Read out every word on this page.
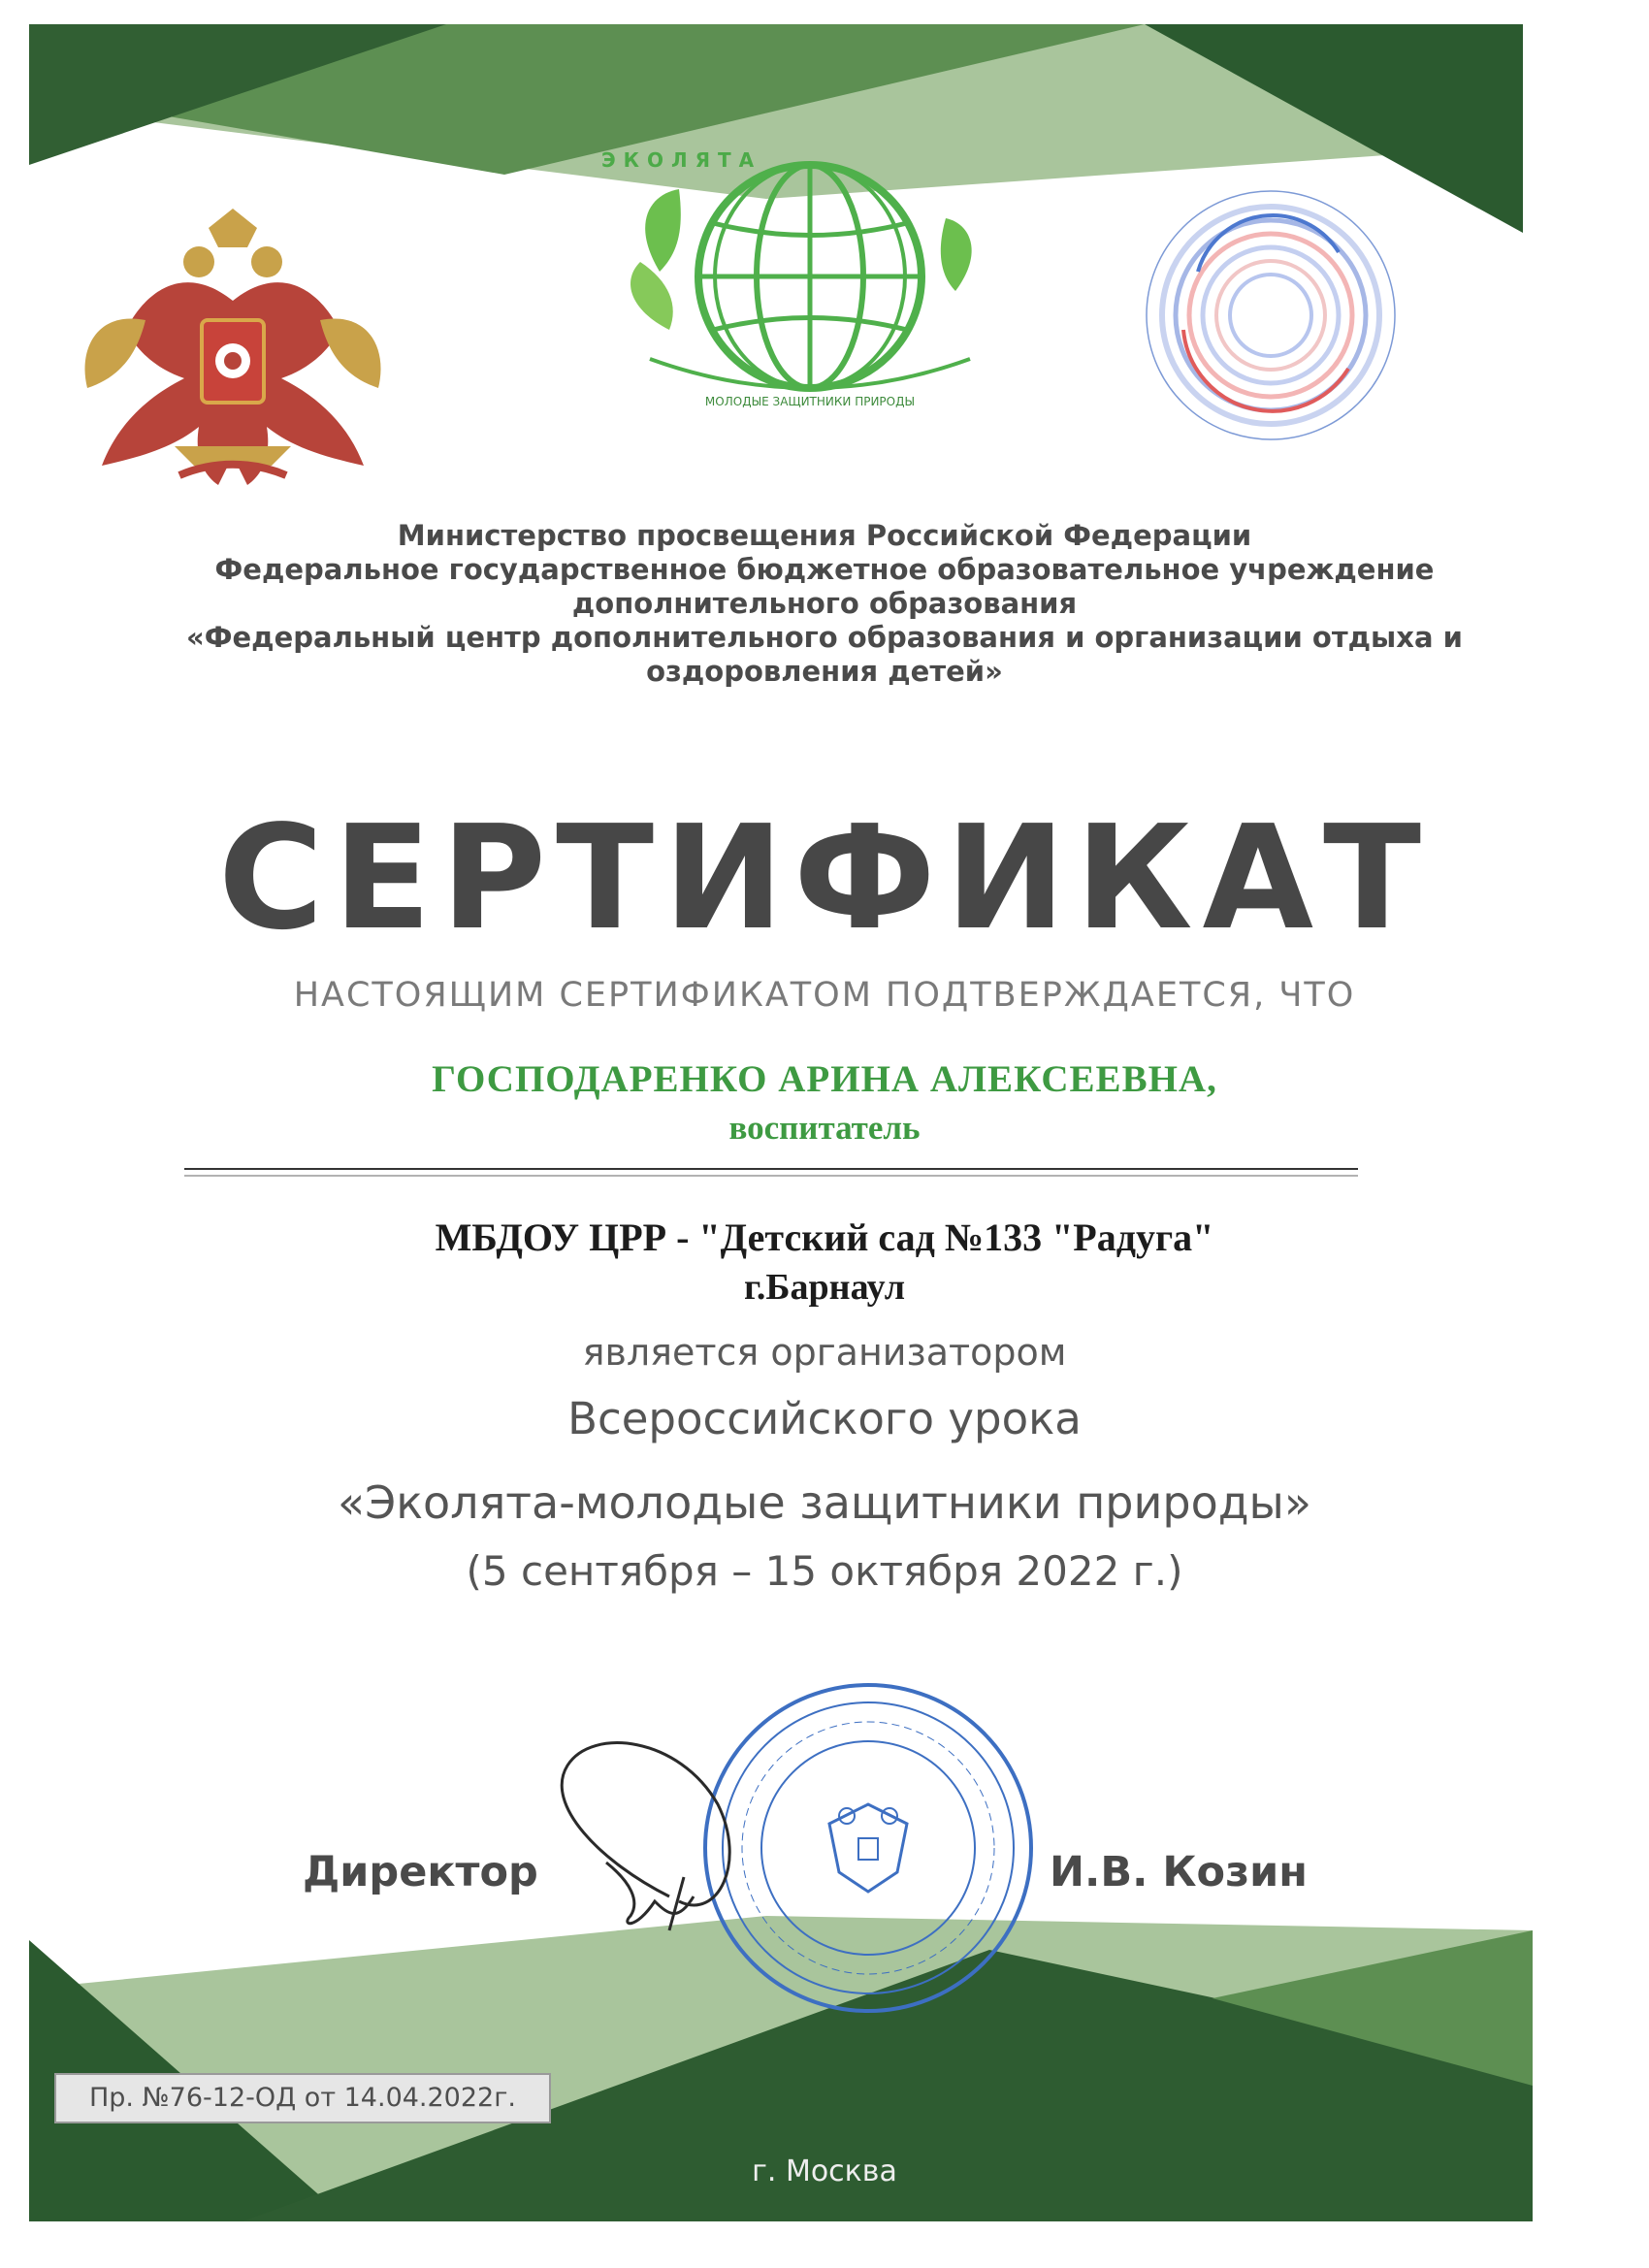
МОЛОДЫЕ ЗАЩИТНИКИ ПРИРОДЫ
ЭКОЛЯТА
Министерство просвещения Российской Федерации
Федеральное государственное бюджетное образовательное учреждение
дополнительного образования
«Федеральный центр дополнительного образования и организации отдыха и
оздоровления детей»
СЕРТИФИКАТ
НАСТОЯЩИМ СЕРТИФИКАТОМ ПОДТВЕРЖДАЕТСЯ, ЧТО
ГОСПОДАРЕНКО АРИНА АЛЕКСЕЕВНА,
воспитатель
МБДОУ ЦРР - "Детский сад №133 "Радуга"
г.Барнаул
является организатором
Всероссийского урока
«Эколята-молодые защитники природы»
(5 сентября – 15 октября 2022 г.)
Директор	И.В. Козин
Пр. №76-12-ОД от 14.04.2022г.
г. Москва
